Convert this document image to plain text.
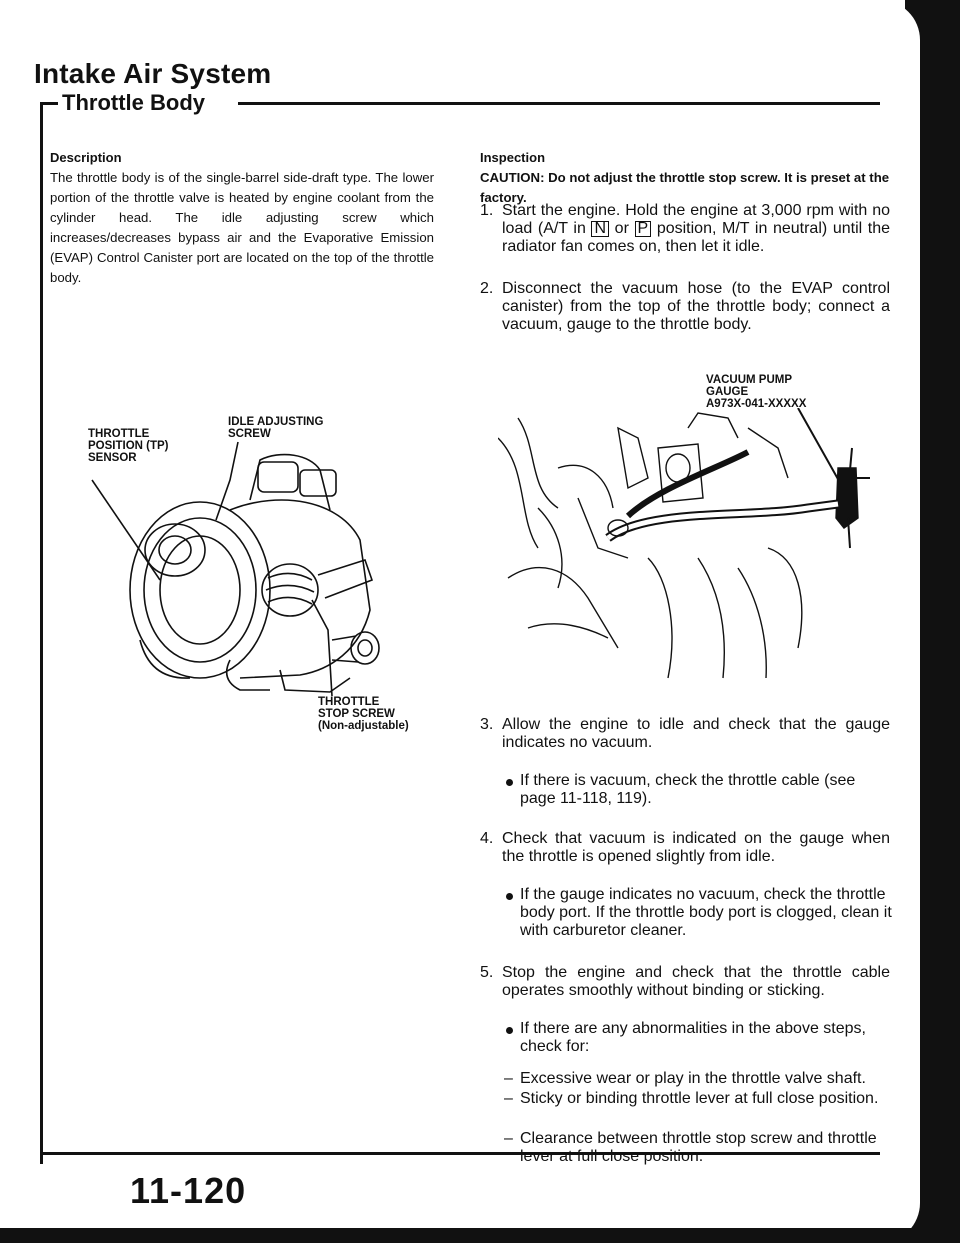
Intake Air System
Throttle Body

Description

The throttle body is of the single-barrel side-draft type. The lower portion of the throttle valve is heated by engine coolant from the cylinder head. The idle adjusting screw which increases/decreases bypass air and the Evaporative Emission (EVAP) Control Canister port are located on the top of the throttle body.

THROTTLE
POSITION (TP)
SENSOR
IDLE ADJUSTING
SCREW
THROTTLE
STOP SCREW
(Non-adjustable)

Inspection

CAUTION: Do not adjust the throttle stop screw. It is preset at the factory.

1. Start the engine. Hold the engine at 3,000 rpm with no load (A/T in N or P position, M/T in neutral) until the radiator fan comes on, then let it idle.

2. Disconnect the vacuum hose (to the EVAP control canister) from the top of the throttle body; connect a vacuum, gauge to the throttle body.

VACUUM PUMP
GAUGE
A973X-041-XXXXX
3. Allow the engine to idle and check that the gauge indicates no vacuum.

If there is vacuum, check the throttle cable (see page 11-118, 119).

4. Check that vacuum is indicated on the gauge when the throttle is opened slightly from idle.

If the gauge indicates no vacuum, check the throttle body port. If the throttle body port is clogged, clean it with carburetor cleaner.

5. Stop the engine and check that the throttle cable operates smoothly without binding or sticking.

If there are any abnormalities in the above steps, check for:

– Excessive wear or play in the throttle valve shaft.

– Sticky or binding throttle lever at full close position.

– Clearance between throttle stop screw and throttle lever at full close position.

11-120
